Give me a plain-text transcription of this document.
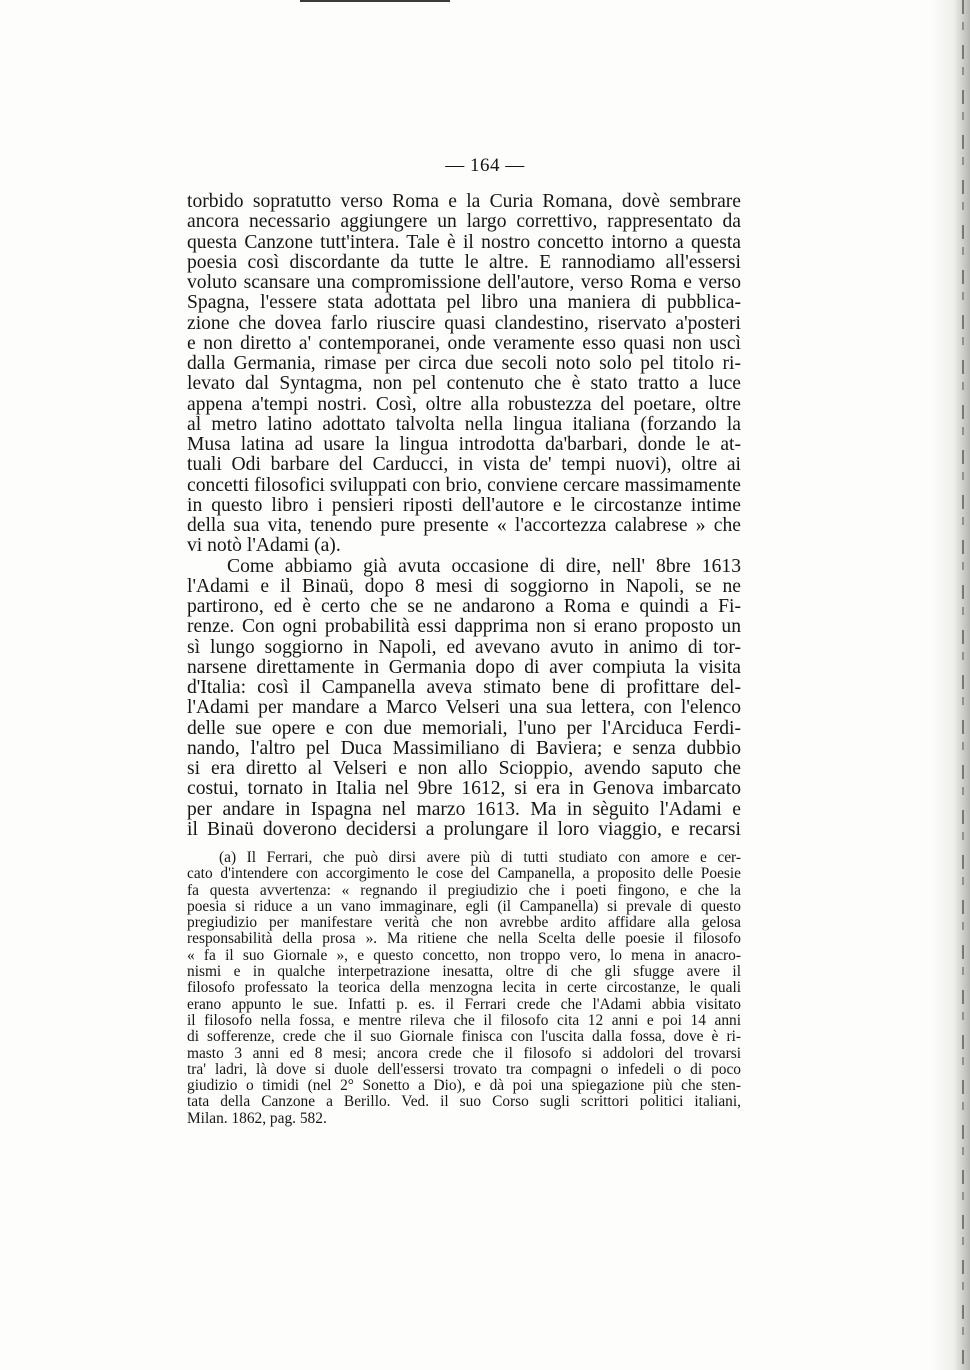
— 164 —
torbido sopratutto verso Roma e la Curia Romana, dovè sembrare
ancora necessario aggiungere un largo correttivo, rappresentato da
questa Canzone tutt'intera. Tale è il nostro concetto intorno a questa
poesia così discordante da tutte le altre. E rannodiamo all'essersi
voluto scansare una compromissione dell'autore, verso Roma e verso
Spagna, l'essere stata adottata pel libro una maniera di pubblica-
zione che dovea farlo riuscire quasi clandestino, riservato a'posteri
e non diretto a' contemporanei, onde veramente esso quasi non uscì
dalla Germania, rimase per circa due secoli noto solo pel titolo ri-
levato dal Syntagma, non pel contenuto che è stato tratto a luce
appena a'tempi nostri. Così, oltre alla robustezza del poetare, oltre
al metro latino adottato talvolta nella lingua italiana (forzando la
Musa latina ad usare la lingua introdotta da'barbari, donde le at-
tuali Odi barbare del Carducci, in vista de' tempi nuovi), oltre ai
concetti filosofici sviluppati con brio, conviene cercare massimamente
in questo libro i pensieri riposti dell'autore e le circostanze intime
della sua vita, tenendo pure presente « l'accortezza calabrese » che
vi notò l'Adami (a).
Come abbiamo già avuta occasione di dire, nell' 8bre 1613
l'Adami e il Binaü, dopo 8 mesi di soggiorno in Napoli, se ne
partirono, ed è certo che se ne andarono a Roma e quindi a Fi-
renze. Con ogni probabilità essi dapprima non si erano proposto un
sì lungo soggiorno in Napoli, ed avevano avuto in animo di tor-
narsene direttamente in Germania dopo di aver compiuta la visita
d'Italia: così il Campanella aveva stimato bene di profittare del-
l'Adami per mandare a Marco Velseri una sua lettera, con l'elenco
delle sue opere e con due memoriali, l'uno per l'Arciduca Ferdi-
nando, l'altro pel Duca Massimiliano di Baviera; e senza dubbio
si era diretto al Velseri e non allo Scioppio, avendo saputo che
costui, tornato in Italia nel 9bre 1612, si era in Genova imbarcato
per andare in Ispagna nel marzo 1613. Ma in sèguito l'Adami e
il Binaü doverono decidersi a prolungare il loro viaggio, e recarsi
(a) Il Ferrari, che può dirsi avere più di tutti studiato con amore e cer-
cato d'intendere con accorgimento le cose del Campanella, a proposito delle Poesie
fa questa avvertenza: « regnando il pregiudizio che i poeti fingono, e che la
poesia si riduce a un vano immaginare, egli (il Campanella) si prevale di questo
pregiudizio per manifestare verità che non avrebbe ardito affidare alla gelosa
responsabilità della prosa ». Ma ritiene che nella Scelta delle poesie il filosofo
« fa il suo Giornale », e questo concetto, non troppo vero, lo mena in anacro-
nismi e in qualche interpetrazione inesatta, oltre di che gli sfugge avere il
filosofo professato la teorica della menzogna lecita in certe circostanze, le quali
erano appunto le sue. Infatti p. es. il Ferrari crede che l'Adami abbia visitato
il filosofo nella fossa, e mentre rileva che il filosofo cita 12 anni e poi 14 anni
di sofferenze, crede che il suo Giornale finisca con l'uscita dalla fossa, dove è ri-
masto 3 anni ed 8 mesi; ancora crede che il filosofo si addolori del trovarsi
tra' ladri, là dove si duole dell'essersi trovato tra compagni o infedeli o di poco
giudizio o timidi (nel 2° Sonetto a Dio), e dà poi una spiegazione più che sten-
tata della Canzone a Berillo. Ved. il suo Corso sugli scrittori politici italiani,
Milan. 1862, pag. 582.
